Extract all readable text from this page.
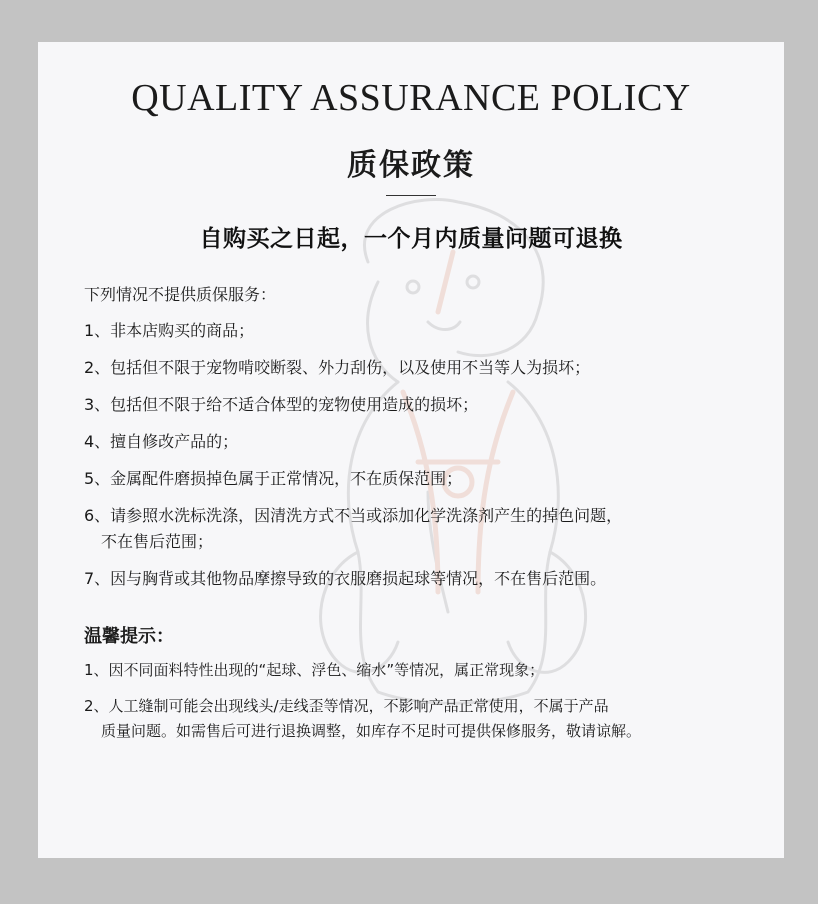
QUALITY ASSURANCE POLICY
质保政策
自购买之日起，一个月内质量问题可退换
下列情况不提供质保服务：
1、非本店购买的商品；
2、包括但不限于宠物啃咬断裂、外力刮伤，以及使用不当等人为损坏；
3、包括但不限于给不适合体型的宠物使用造成的损坏；
4、擅自修改产品的；
5、金属配件磨损掉色属于正常情况，不在质保范围；
6、请参照水洗标洗涤，因清洗方式不当或添加化学洗涤剂产生的掉色问题，
不在售后范围；
7、因与胸背或其他物品摩擦导致的衣服磨损起球等情况，不在售后范围。
温馨提示：
1、因不同面料特性出现的“起球、浮色、缩水”等情况，属正常现象；
2、人工缝制可能会出现线头/走线歪等情况，不影响产品正常使用，不属于产品
质量问题。如需售后可进行退换调整，如库存不足时可提供保修服务，敬请谅解。
